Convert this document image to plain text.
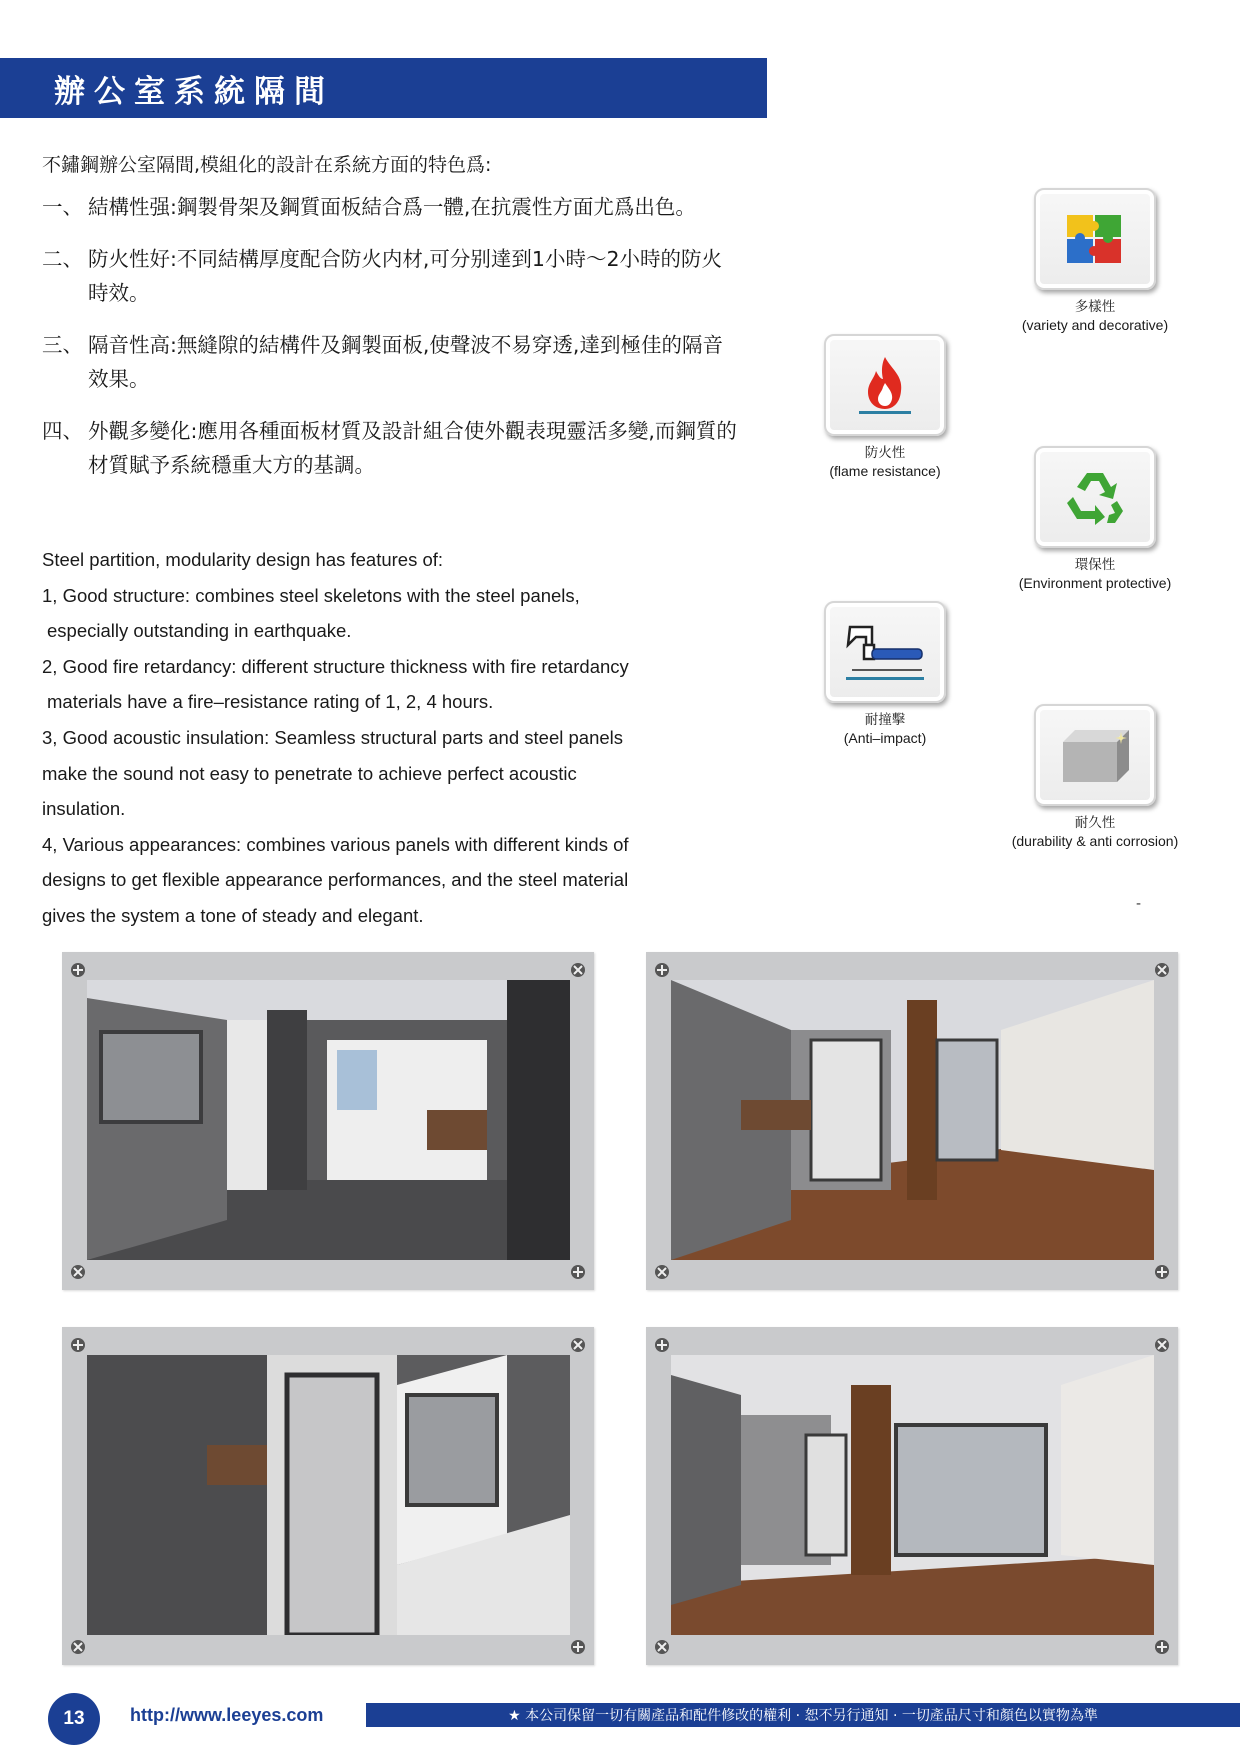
辦公室系統隔間
不鏽鋼辦公室隔間,模組化的設計在系統方面的特色爲:
一、 結構性强:鋼製骨架及鋼質面板結合爲一體,在抗震性方面尤爲出色。
二、 防火性好:不同結構厚度配合防火内材,可分别達到1小時～2小時的防火時效。
三、 隔音性高:無縫隙的結構件及鋼製面板,使聲波不易穿透,達到極佳的隔音效果。
四、 外觀多變化:應用各種面板材質及設計組合使外觀表現靈活多變,而鋼質的材質賦予系統穩重大方的基調。

Steel partition, modularity design has features of:

1, Good structure: combines steel skeletons with the steel panels,

especially outstanding in earthquake.

2, Good fire retardancy: different structure thickness with fire retardancy

materials have a fire–resistance rating of 1, 2, 4 hours.

3, Good acoustic insulation: Seamless structural parts and steel panels

make the sound not easy to penetrate to achieve perfect acoustic

insulation.

4, Various appearances: combines various panels with different kinds of

designs to get flexible appearance performances, and the steel material

gives the system a tone of steady and elegant.

多樣性
(variety and decorative)
防火性
(flame resistance)
環保性
(Environment protective)
耐撞擊
(Anti–impact)
耐久性
(durability & anti corrosion)
-
13	http://www.leeyes.com	★ 本公司保留一切有關產品和配件修改的權利 · 恕不另行通知 · 一切產品尺寸和顏色以實物為準
